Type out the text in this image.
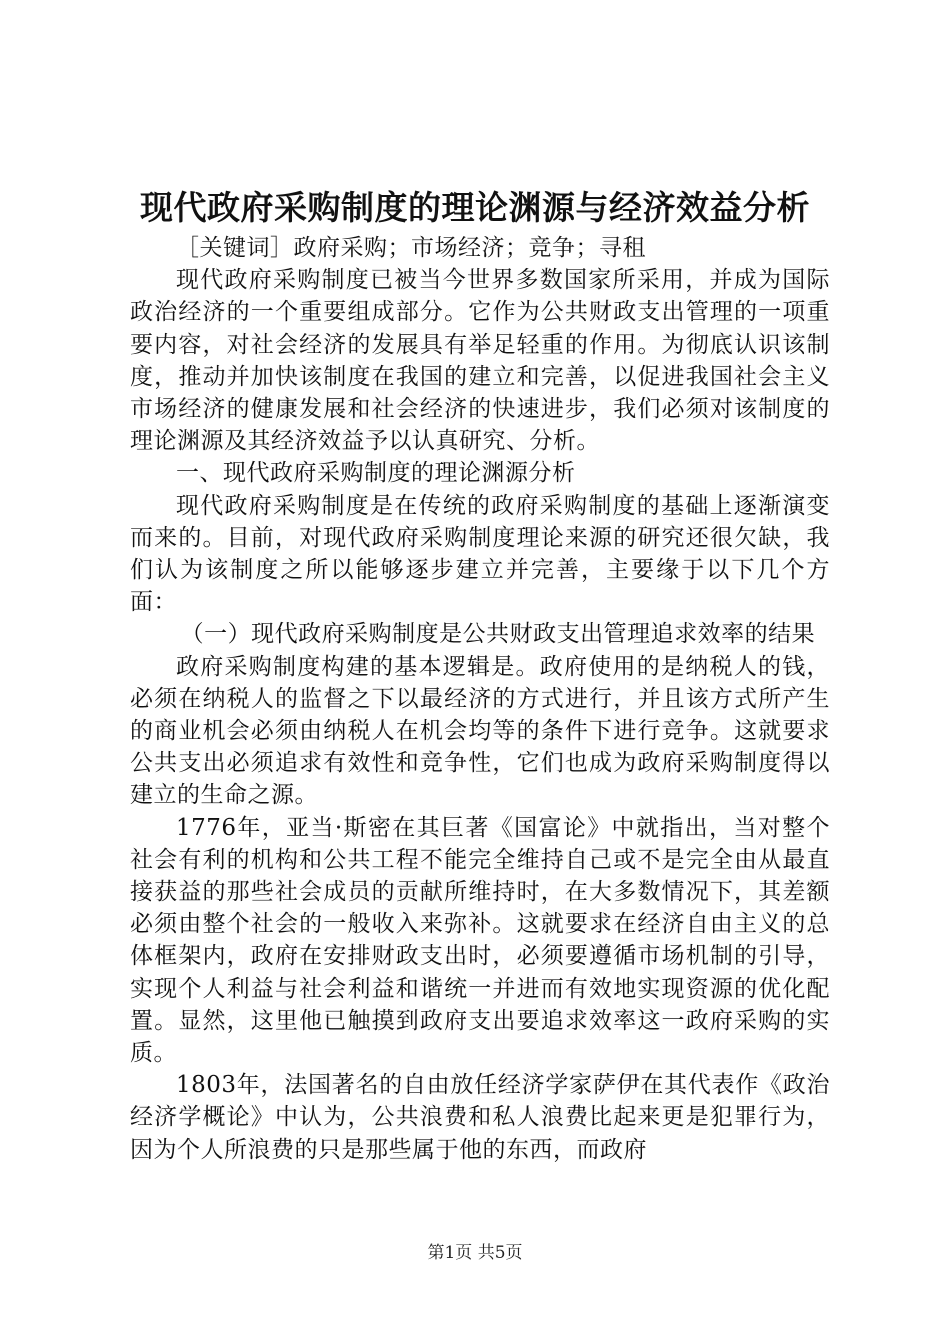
现代政府采购制度的理论渊源与经济效益分析

［关键词］政府采购；市场经济；竞争；寻租

现代政府采购制度已被当今世界多数国家所采用，并成为国际政治经济的一个重要组成部分。它作为公共财政支出管理的一项重要内容，对社会经济的发展具有举足轻重的作用。为彻底认识该制度，推动并加快该制度在我国的建立和完善，以促进我国社会主义市场经济的健康发展和社会经济的快速进步，我们必须对该制度的理论渊源及其经济效益予以认真研究、分析。

一、现代政府采购制度的理论渊源分析

现代政府采购制度是在传统的政府采购制度的基础上逐渐演变而来的。目前，对现代政府采购制度理论来源的研究还很欠缺，我们认为该制度之所以能够逐步建立并完善，主要缘于以下几个方面：

（一）现代政府采购制度是公共财政支出管理追求效率的结果

政府采购制度构建的基本逻辑是。政府使用的是纳税人的钱，必须在纳税人的监督之下以最经济的方式进行，并且该方式所产生的商业机会必须由纳税人在机会均等的条件下进行竞争。这就要求公共支出必须追求有效性和竞争性，它们也成为政府采购制度得以建立的生命之源。

1776年，亚当·斯密在其巨著《国富论》中就指出，当对整个社会有利的机构和公共工程不能完全维持自己或不是完全由从最直接获益的那些社会成员的贡献所维持时，在大多数情况下，其差额必须由整个社会的一般收入来弥补。这就要求在经济自由主义的总体框架内，政府在安排财政支出时，必须要遵循市场机制的引导，实现个人利益与社会利益和谐统一并进而有效地实现资源的优化配置。显然，这里他已触摸到政府支出要追求效率这一政府采购的实质。

1803年，法国著名的自由放任经济学家萨伊在其代表作《政治经济学概论》中认为，公共浪费和私人浪费比起来更是犯罪行为，因为个人所浪费的只是那些属于他的东西，而政府

第1页 共5页
